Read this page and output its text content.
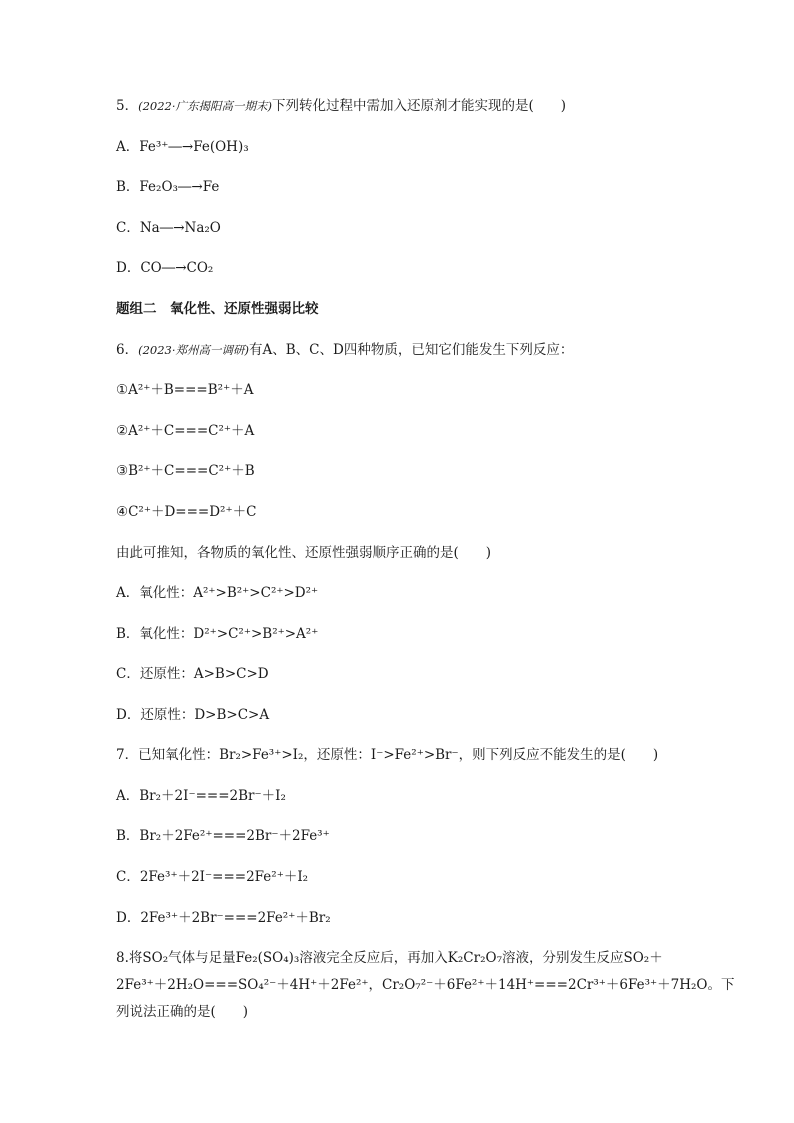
5．(2022·广东揭阳高一期末)下列转化过程中需加入还原剂才能实现的是(　　)
A．Fe³⁺―→Fe(OH)₃
B．Fe₂O₃―→Fe
C．Na―→Na₂O
D．CO―→CO₂
题组二　氧化性、还原性强弱比较
6．(2023·郑州高一调研)有A、B、C、D四种物质，已知它们能发生下列反应：
①A²⁺＋B===B²⁺＋A
②A²⁺＋C===C²⁺＋A
③B²⁺＋C===C²⁺＋B
④C²⁺＋D===D²⁺＋C
由此可推知，各物质的氧化性、还原性强弱顺序正确的是(　　)
A．氧化性：A²⁺>B²⁺>C²⁺>D²⁺
B．氧化性：D²⁺>C²⁺>B²⁺>A²⁺
C．还原性：A>B>C>D
D．还原性：D>B>C>A
7．已知氧化性：Br₂>Fe³⁺>I₂，还原性：I⁻>Fe²⁺>Br⁻，则下列反应不能发生的是(　　)
A．Br₂＋2I⁻===2Br⁻＋I₂
B．Br₂＋2Fe²⁺===2Br⁻＋2Fe³⁺
C．2Fe³⁺＋2I⁻===2Fe²⁺＋I₂
D．2Fe³⁺＋2Br⁻===2Fe²⁺＋Br₂
8.将SO₂气体与足量Fe₂(SO₄)₃溶液完全反应后，再加入K₂Cr₂O₇溶液，分别发生反应SO₂＋
2Fe³⁺＋2H₂O===SO₄²⁻＋4H⁺＋2Fe²⁺，Cr₂O₇²⁻＋6Fe²⁺＋14H⁺===2Cr³⁺＋6Fe³⁺＋7H₂O。下
列说法正确的是(　　)
